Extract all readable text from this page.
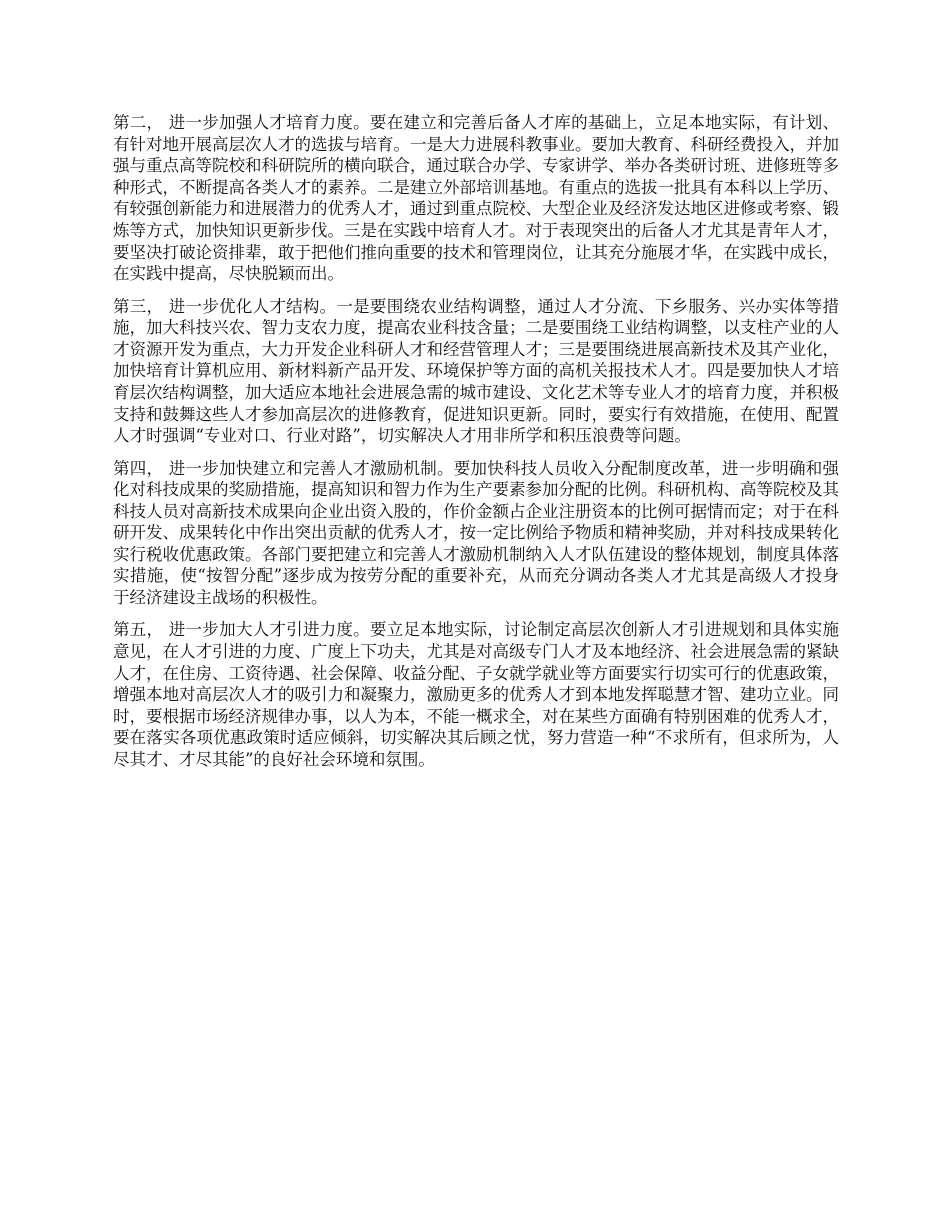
第二， 进一步加强人才培育力度。要在建立和完善后备人才库的基础上，立足本地实际，有计划、有针对地开展高层次人才的选拔与培育。一是大力进展科教事业。要加大教育、科研经费投入，并加强与重点高等院校和科研院所的横向联合，通过联合办学、专家讲学、举办各类研讨班、进修班等多种形式，不断提高各类人才的素养。二是建立外部培训基地。有重点的选拔一批具有本科以上学历、有较强创新能力和进展潜力的优秀人才，通过到重点院校、大型企业及经济发达地区进修或考察、锻炼等方式，加快知识更新步伐。三是在实践中培育人才。对于表现突出的后备人才尤其是青年人才，要坚决打破论资排辈，敢于把他们推向重要的技术和管理岗位，让其充分施展才华，在实践中成长，在实践中提高，尽快脱颖而出。

第三， 进一步优化人才结构。一是要围绕农业结构调整，通过人才分流、下乡服务、兴办实体等措施，加大科技兴农、智力支农力度，提高农业科技含量；二是要围绕工业结构调整，以支柱产业的人才资源开发为重点，大力开发企业科研人才和经营管理人才；三是要围绕进展高新技术及其产业化，加快培育计算机应用、新材料新产品开发、环境保护等方面的高机关报技术人才。四是要加快人才培育层次结构调整，加大适应本地社会进展急需的城市建设、文化艺术等专业人才的培育力度，并积极支持和鼓舞这些人才参加高层次的进修教育，促进知识更新。同时，要实行有效措施，在使用、配置人才时强调“专业对口、行业对路”，切实解决人才用非所学和积压浪费等问题。

第四， 进一步加快建立和完善人才激励机制。要加快科技人员收入分配制度改革，进一步明确和强化对科技成果的奖励措施，提高知识和智力作为生产要素参加分配的比例。科研机构、高等院校及其科技人员对高新技术成果向企业出资入股的，作价金额占企业注册资本的比例可据情而定；对于在科研开发、成果转化中作出突出贡献的优秀人才，按一定比例给予物质和精神奖励，并对科技成果转化实行税收优惠政策。各部门要把建立和完善人才激励机制纳入人才队伍建设的整体规划，制度具体落实措施，使“按智分配”逐步成为按劳分配的重要补充，从而充分调动各类人才尤其是高级人才投身于经济建设主战场的积极性。

第五， 进一步加大人才引进力度。要立足本地实际，讨论制定高层次创新人才引进规划和具体实施意见，在人才引进的力度、广度上下功夫，尤其是对高级专门人才及本地经济、社会进展急需的紧缺人才，在住房、工资待遇、社会保障、收益分配、子女就学就业等方面要实行切实可行的优惠政策，增强本地对高层次人才的吸引力和凝聚力，激励更多的优秀人才到本地发挥聪慧才智、建功立业。同时，要根据市场经济规律办事，以人为本，不能一概求全，对在某些方面确有特别困难的优秀人才，要在落实各项优惠政策时适应倾斜，切实解决其后顾之忧，努力营造一种“不求所有，但求所为，人尽其才、才尽其能”的良好社会环境和氛围。
